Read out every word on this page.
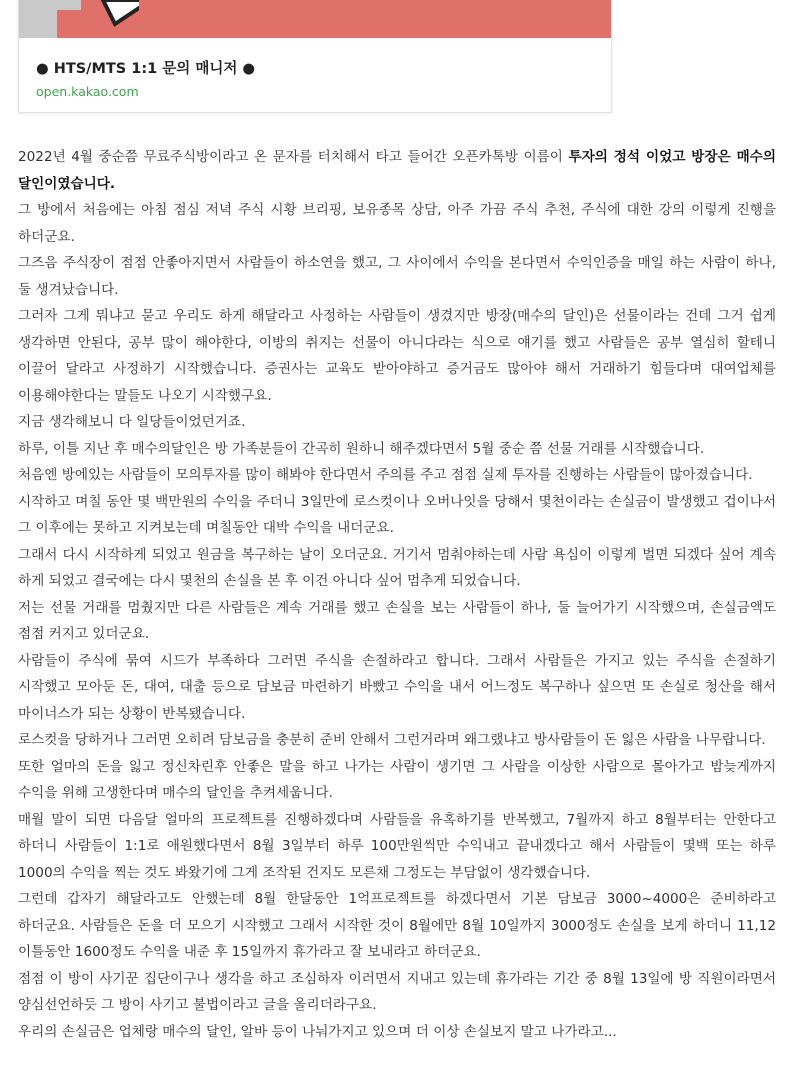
● HTS/MTS 1:1 문의 매니저 ●
open.kakao.com

2022년 4월 중순쯤 무료주식방이라고 온 문자를 터치해서 타고 들어간 오픈카톡방 이름이 투자의 정석 이었고 방장은 매수의 달인이였습니다.

그 방에서 처음에는 아침 점심 저녁 주식 시황 브리핑, 보유종목 상담, 아주 가끔 주식 추천, 주식에 대한 강의 이렇게 진행을 하더군요.

그즈음 주식장이 점점 안좋아지면서 사람들이 하소연을 했고, 그 사이에서 수익을 본다면서 수익인증을 매일 하는 사람이 하나, 둘 생겨났습니다.

그러자 그게 뭐냐고 묻고 우리도 하게 해달라고 사정하는 사람들이 생겼지만 방장(매수의 달인)은 선물이라는 건데 그거 쉽게 생각하면 안된다, 공부 많이 해야한다, 이방의 취지는 선물이 아니다라는 식으로 얘기를 했고 사람들은 공부 열심히 할테니 이끌어 달라고 사정하기 시작했습니다. 증권사는 교육도 받아야하고 증거금도 많아야 해서 거래하기 힘들다며 대여업체를 이용해야한다는 말들도 나오기 시작했구요.

지금 생각해보니 다 일당들이었던거죠.

하루, 이틀 지난 후 매수의달인은 방 가족분들이 간곡히 원하니 해주겠다면서 5월 중순 쯤 선물 거래를 시작했습니다.

처음엔 방에있는 사람들이 모의투자를 많이 해봐야 한다면서 주의를 주고 점점 실제 투자를 진행하는 사람들이 많아졌습니다.

시작하고 며칠 동안 몇 백만원의 수익을 주더니 3일만에 로스컷이나 오버나잇을 당해서 몇천이라는 손실금이 발생했고 겁이나서 그 이후에는 못하고 지켜보는데 며칠동안 대박 수익을 내더군요.

그래서 다시 시작하게 되었고 원금을 복구하는 날이 오더군요. 거기서 멈춰야하는데 사람 욕심이 이렇게 벌면 되겠다 싶어 계속 하게 되었고 결국에는 다시 몇천의 손실을 본 후 이건 아니다 싶어 멈추게 되었습니다.

저는 선물 거래를 멈췄지만 다른 사람들은 계속 거래를 했고 손실을 보는 사람들이 하나, 둘 늘어가기 시작했으며, 손실금액도 점점 커지고 있더군요.

사람들이 주식에 묶여 시드가 부족하다 그러면 주식을 손절하라고 합니다. 그래서 사람들은 가지고 있는 주식을 손절하기 시작했고 모아둔 돈, 대여, 대출 등으로 담보금 마련하기 바빴고 수익을 내서 어느정도 복구하나 싶으면 또 손실로 청산을 해서 마이너스가 되는 상황이 반복됐습니다.

로스컷을 당하거나 그러면 오히려 담보금을 충분히 준비 안해서 그런거라며 왜그랬냐고 방사람들이 돈 잃은 사람을 나무랍니다.

또한 얼마의 돈을 잃고 정신차린후 안좋은 말을 하고 나가는 사람이 생기면 그 사람을 이상한 사람으로 몰아가고 밤늦게까지 수익을 위해 고생한다며 매수의 달인을 추켜세웁니다.

매월 말이 되면 다음달 얼마의 프로젝트를 진행하겠다며 사람들을 유혹하기를 반복했고, 7월까지 하고 8월부터는 안한다고 하더니 사람들이 1:1로 애원했다면서 8월 3일부터 하루 100만원씩만 수익내고 끝내겠다고 해서 사람들이 몇백 또는 하루 1000의 수익을 찍는 것도 봐왔기에 그게 조작된 건지도 모른채 그정도는 부담없이 생각했습니다.

그런데 갑자기 해달라고도 안했는데 8월 한달동안 1억프로젝트를 하겠다면서 기본 담보금 3000~4000은 준비하라고 하더군요. 사람들은 돈을 더 모으기 시작했고 그래서 시작한 것이 8월에만 8월 10일까지 3000정도 손실을 보게 하더니 11,12 이틀동안 1600정도 수익을 내준 후 15일까지 휴가라고 잘 보내라고 하더군요.

점점 이 방이 사기꾼 집단이구나 생각을 하고 조심하자 이러면서 지내고 있는데 휴가라는 기간 중 8월 13일에 방 직원이라면서 양심선언하듯 그 방이 사기고 불법이라고 글을 올리더라구요.

우리의 손실금은 업체랑 매수의 달인, 알바 등이 나눠가지고 있으며 더 이상 손실보지 말고 나가라고...
